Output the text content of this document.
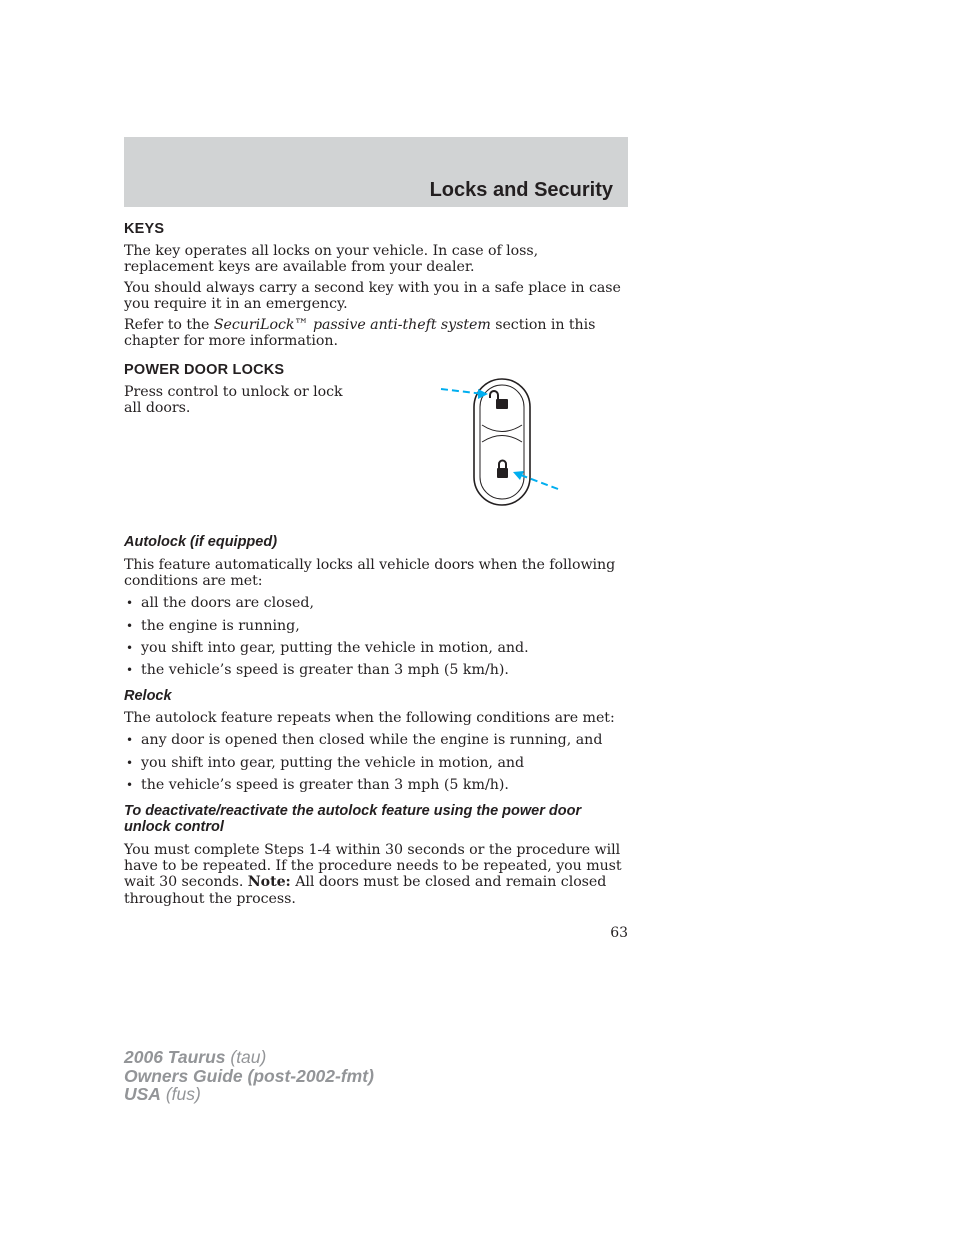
Locks and Security
KEYS

The key operates all locks on your vehicle. In case of loss, replacement keys are available from your dealer.

You should always carry a second key with you in a safe place in case you require it in an emergency.

Refer to the SecuriLock™ passive anti-theft system section in this chapter for more information.

POWER DOOR LOCKS

Press control to unlock or lock all doors.

Autolock (if equipped)

This feature automatically locks all vehicle doors when the following conditions are met:

• all the doors are closed,
• the engine is running,
• you shift into gear, putting the vehicle in motion, and.
• the vehicle’s speed is greater than 3 mph (5 km/h).
Relock

The autolock feature repeats when the following conditions are met:

• any door is opened then closed while the engine is running, and
• you shift into gear, putting the vehicle in motion, and
• the vehicle’s speed is greater than 3 mph (5 km/h).
To deactivate/reactivate the autolock feature using the power door unlock control

You must complete Steps 1-4 within 30 seconds or the procedure will have to be repeated. If the procedure needs to be repeated, you must wait 30 seconds. Note: All doors must be closed and remain closed throughout the process.

63

2006 Taurus (tau)
Owners Guide (post-2002-fmt)
USA (fus)
